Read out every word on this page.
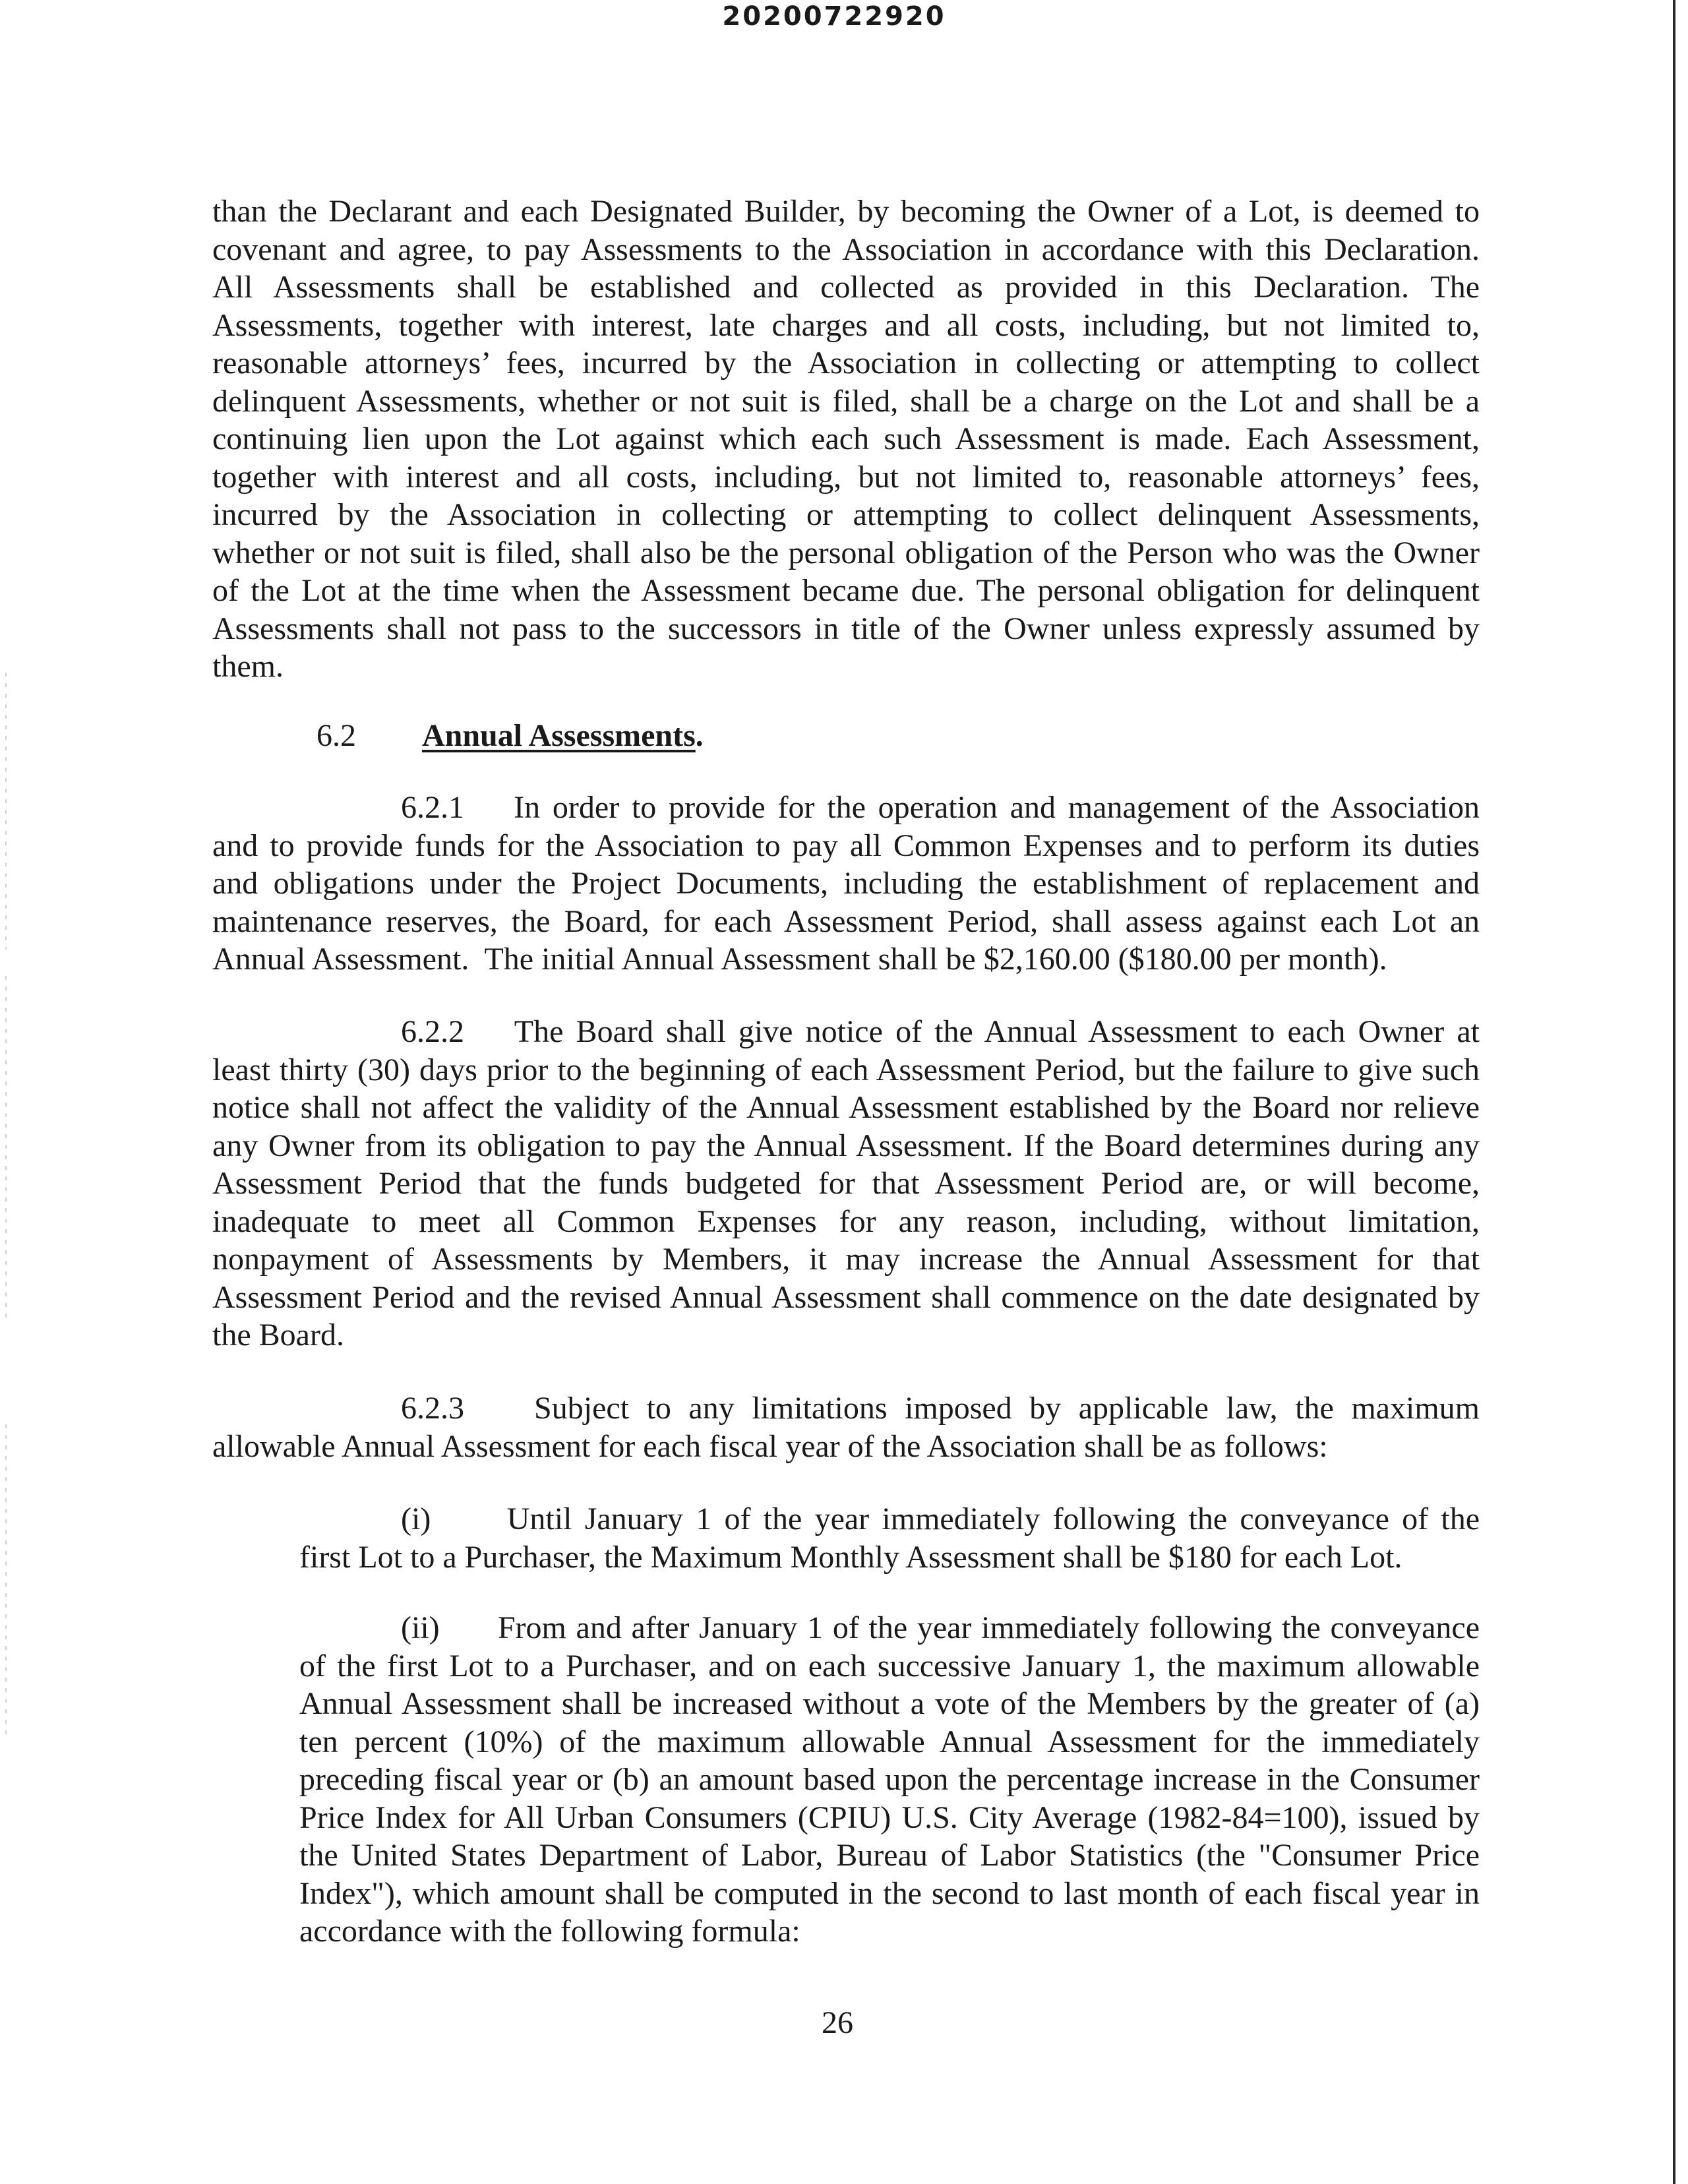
20200722920
than the Declarant and each Designated Builder, by becoming the Owner of a Lot, is deemed to
covenant and agree, to pay Assessments to the Association in accordance with this Declaration.
All Assessments shall be established and collected as provided in this Declaration. The
Assessments, together with interest, late charges and all costs, including, but not limited to,
reasonable attorneys’ fees, incurred by the Association in collecting or attempting to collect
delinquent Assessments, whether or not suit is filed, shall be a charge on the Lot and shall be a
continuing lien upon the Lot against which each such Assessment is made. Each Assessment,
together with interest and all costs, including, but not limited to, reasonable attorneys’ fees,
incurred by the Association in collecting or attempting to collect delinquent Assessments,
whether or not suit is filed, shall also be the personal obligation of the Person who was the Owner
of the Lot at the time when the Assessment became due. The personal obligation for delinquent
Assessments shall not pass to the successors in title of the Owner unless expressly assumed by
them.
6.2 Annual Assessments.
6.2.1    In order to provide for the operation and management of the Association
and to provide funds for the Association to pay all Common Expenses and to perform its duties
and obligations under the Project Documents, including the establishment of replacement and
maintenance reserves, the Board, for each Assessment Period, shall assess against each Lot an
Annual Assessment.  The initial Annual Assessment shall be $2,160.00 ($180.00 per month).
6.2.2    The Board shall give notice of the Annual Assessment to each Owner at
least thirty (30) days prior to the beginning of each Assessment Period, but the failure to give such
notice shall not affect the validity of the Annual Assessment established by the Board nor relieve
any Owner from its obligation to pay the Annual Assessment. If the Board determines during any
Assessment Period that the funds budgeted for that Assessment Period are, or will become,
inadequate to meet all Common Expenses for any reason, including, without limitation,
nonpayment of Assessments by Members, it may increase the Annual Assessment for that
Assessment Period and the revised Annual Assessment shall commence on the date designated by
the Board.
6.2.3    Subject to any limitations imposed by applicable law, the maximum
allowable Annual Assessment for each fiscal year of the Association shall be as follows:
(i)      Until January 1 of the year immediately following the conveyance of the
first Lot to a Purchaser, the Maximum Monthly Assessment shall be $180 for each Lot.
(ii)      From and after January 1 of the year immediately following the conveyance
of the first Lot to a Purchaser, and on each successive January 1, the maximum allowable
Annual Assessment shall be increased without a vote of the Members by the greater of (a)
ten percent (10%) of the maximum allowable Annual Assessment for the immediately
preceding fiscal year or (b) an amount based upon the percentage increase in the Consumer
Price Index for All Urban Consumers (CPIU) U.S. City Average (1982-84=100), issued by
the United States Department of Labor, Bureau of Labor Statistics (the "Consumer Price
Index"), which amount shall be computed in the second to last month of each fiscal year in
accordance with the following formula:
26
